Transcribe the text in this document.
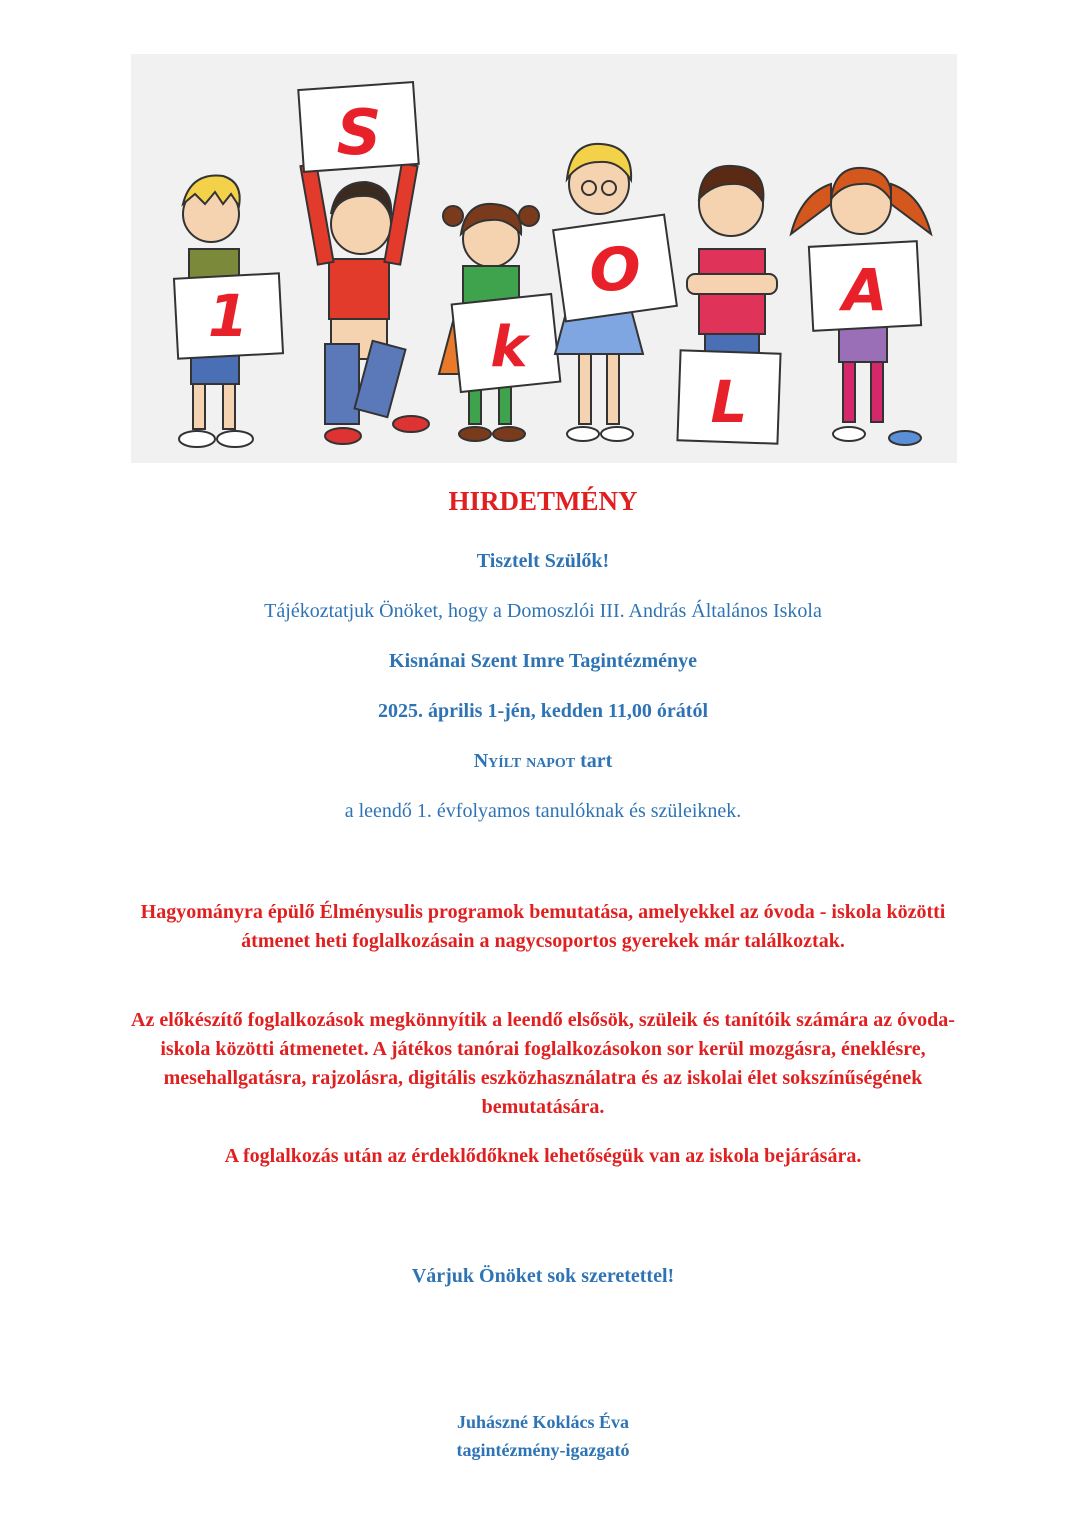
1
S
k
O
L
A

HIRDETMÉNY

Tisztelt Szülők!

Tájékoztatjuk Önöket, hogy a Domoszlói III. András Általános Iskola

Kisnánai Szent Imre Tagintézménye

2025. április 1-jén, kedden 11,00 órától

Nyílt napot tart

a leendő 1. évfolyamos tanulóknak és szüleiknek.

Hagyományra épülő Élménysulis programok bemutatása, amelyekkel az óvoda - iskola közötti átmenet heti foglalkozásain a nagycsoportos gyerekek már találkoztak.

Az előkészítő foglalkozások megkönnyítik a leendő elsősök, szüleik és tanítóik számára az óvoda-iskola közötti átmenetet. A játékos tanórai foglalkozásokon sor kerül mozgásra, éneklésre, mesehallgatásra, rajzolásra, digitális eszközhasználatra és az iskolai élet sokszínűségének bemutatására.

A foglalkozás után az érdeklődőknek lehetőségük van az iskola bejárására.

Várjuk Önöket sok szeretettel!

Juhászné Koklács Éva

tagintézmény-igazgató
